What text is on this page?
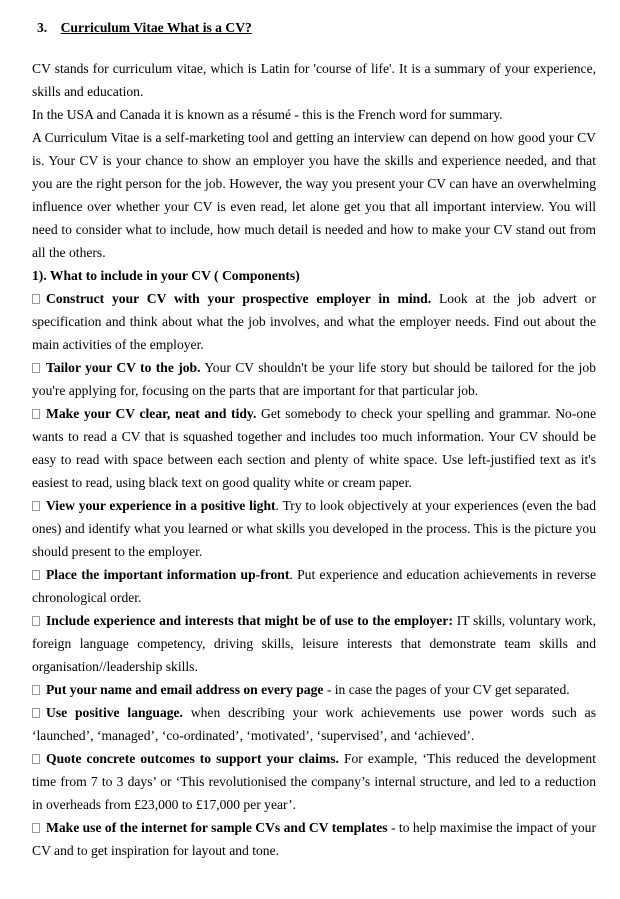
3. Curriculum Vitae What is a CV?

CV stands for curriculum vitae, which is Latin for 'course of life'. It is a summary of your experience, skills and education.

In the USA and Canada it is known as a résumé - this is the French word for summary.

A Curriculum Vitae is a self-marketing tool and getting an interview can depend on how good your CV is. Your CV is your chance to show an employer you have the skills and experience needed, and that you are the right person for the job. However, the way you present your CV can have an overwhelming influence over whether your CV is even read, let alone get you that all important interview. You will need to consider what to include, how much detail is needed and how to make your CV stand out from all the others.

1). What to include in your CV ( Components)

Construct your CV with your prospective employer in mind. Look at the job advert or specification and think about what the job involves, and what the employer needs. Find out about the main activities of the employer.

Tailor your CV to the job. Your CV shouldn't be your life story but should be tailored for the job you're applying for, focusing on the parts that are important for that particular job.

Make your CV clear, neat and tidy. Get somebody to check your spelling and grammar. No-one wants to read a CV that is squashed together and includes too much information. Your CV should be easy to read with space between each section and plenty of white space. Use left-justified text as it's easiest to read, using black text on good quality white or cream paper.

View your experience in a positive light. Try to look objectively at your experiences (even the bad ones) and identify what you learned or what skills you developed in the process. This is the picture you should present to the employer.

Place the important information up-front. Put experience and education achievements in reverse chronological order.

Include experience and interests that might be of use to the employer: IT skills, voluntary work, foreign language competency, driving skills, leisure interests that demonstrate team skills and organisation//leadership skills.

Put your name and email address on every page - in case the pages of your CV get separated.

Use positive language. when describing your work achievements use power words such as ‘launched’, ‘managed’, ‘co-ordinated’, ‘motivated’, ‘supervised’, and ‘achieved’.

Quote concrete outcomes to support your claims. For example, ‘This reduced the development time from 7 to 3 days’ or ‘This revolutionised the company’s internal structure, and led to a reduction in overheads from £23,000 to £17,000 per year’.

Make use of the internet for sample CVs and CV templates - to help maximise the impact of your CV and to get inspiration for layout and tone.
